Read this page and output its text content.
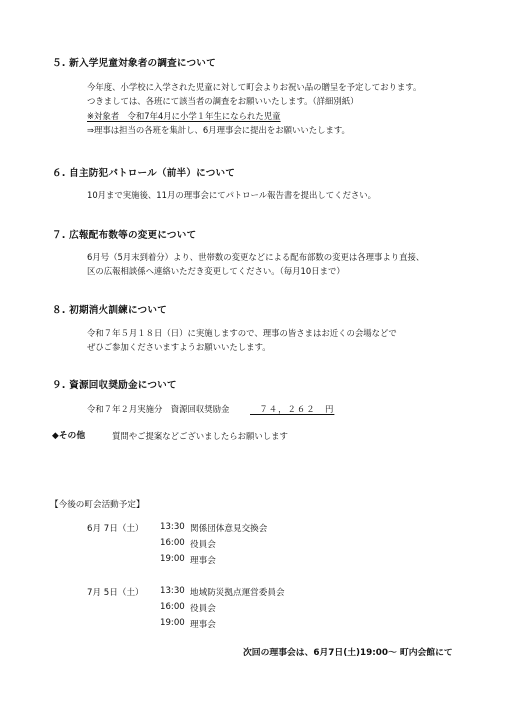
５. 新入学児童対象者の調査について
今年度、小学校に入学された児童に対して町会よりお祝い品の贈呈を予定しております。
つきましては、各班にて該当者の調査をお願いいたします。（詳細別紙）
※対象者　令和7年4月に小学１年生になられた児童
⇒理事は担当の各班を集計し、6月理事会に提出をお願いいたします。
６. 自主防犯パトロール（前半）について
10月まで実施後、11月の理事会にてパトロール報告書を提出してください。
７. 広報配布数等の変更について
6月号（5月末到着分）より、世帯数の変更などによる配布部数の変更は各理事より直接、
区の広報相談係へ連絡いただき変更してください。（毎月10日まで）
８. 初期消火訓練について
令和７年５月１８日（日）に実施しますので、理事の皆さまはお近くの会場などで
ぜひご参加くださいますようお願いいたします。
９. 資源回収奨励金について
令和７年２月実施分　資源回収奨励金 　７４，２６２　円
◆その他	質問やご提案などございましたらお願いします
【今後の町会活動予定】
6月 7日（土） 13:30 関係団体意見交換会
16:00 役員会
19:00 理事会
7月 5日（土） 13:30 地域防災拠点運営委員会
16:00 役員会
19:00 理事会
次回の理事会は、6月7日(土)19:00～ 町内会館にて
